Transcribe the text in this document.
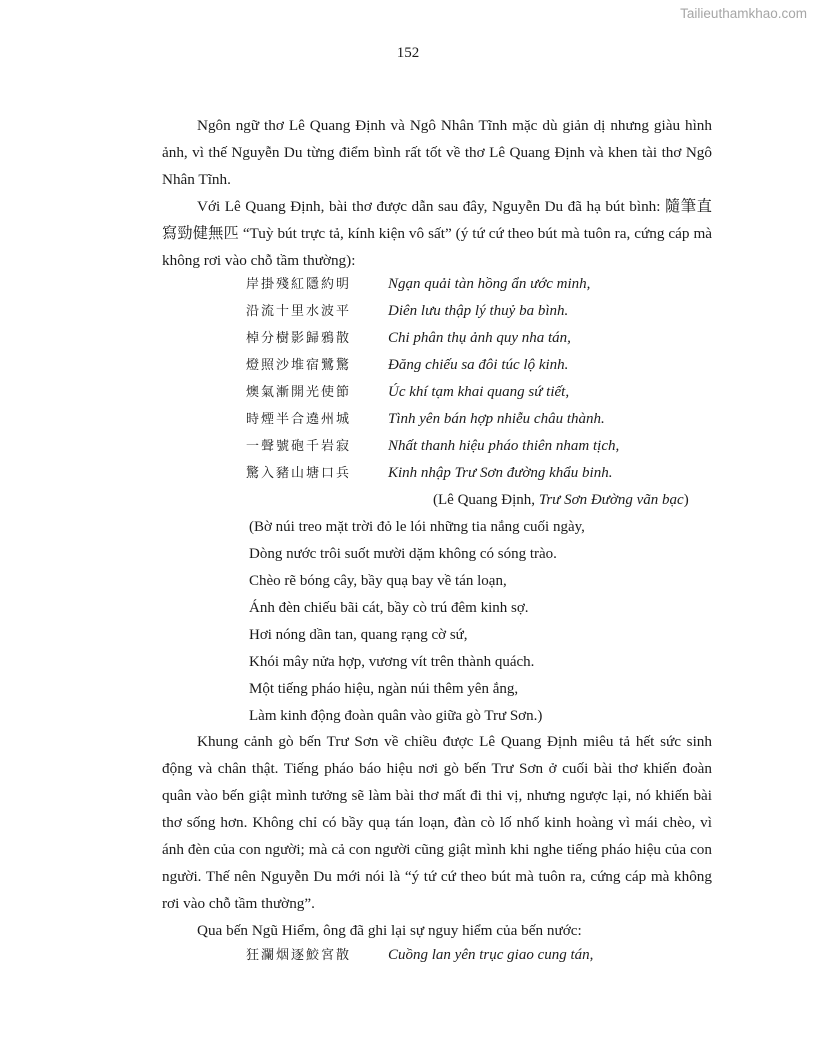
Tailieuthamkhao.com
152

Ngôn ngữ thơ Lê Quang Định và Ngô Nhân Tĩnh mặc dù giản dị nhưng giàu hình ảnh, vì thế Nguyễn Du từng điểm bình rất tốt về thơ Lê Quang Định và khen tài thơ Ngô Nhân Tĩnh.

Với Lê Quang Định, bài thơ được dẫn sau đây, Nguyễn Du đã hạ bút bình: 隨筆直寫勁健無匹 “Tuỳ bút trực tả, kính kiện vô sất” (ý tứ cứ theo bút mà tuôn ra, cứng cáp mà không rơi vào chỗ tầm thường):

岸掛殘紅隱約明	Ngạn quải tàn hồng ẩn ước minh,
沿流十里水波平	Diên lưu thập lý thuỷ ba bình.
棹分樹影歸鴉散	Chi phân thụ ảnh quy nha tán,
燈照沙堆宿鷺驚	Đăng chiếu sa đôi túc lộ kinh.
燠氣漸開光使節	Úc khí tạm khai quang sứ tiết,
時煙半合遶州城	Tình yên bán hợp nhiễu châu thành.
一聲號砲千岩寂	Nhất thanh hiệu pháo thiên nham tịch,
驚入豬山塘口兵	Kinh nhập Trư Sơn đường khẩu binh.
(Lê Quang Định, Trư Sơn Đường vãn bạc)
(Bờ núi treo mặt trời đỏ le lói những tia nắng cuối ngày,
Dòng nước trôi suốt mười dặm không có sóng trào.
Chèo rẽ bóng cây, bầy quạ bay về tán loạn,
Ánh đèn chiếu bãi cát, bầy cò trú đêm kinh sợ.
Hơi nóng dần tan, quang rạng cờ sứ,
Khói mây nửa hợp, vương vít trên thành quách.
Một tiếng pháo hiệu, ngàn núi thêm yên ắng,
Làm kinh động đoàn quân vào giữa gò Trư Sơn.)

Khung cảnh gò bến Trư Sơn về chiều được Lê Quang Định miêu tả hết sức sinh động và chân thật. Tiếng pháo báo hiệu nơi gò bến Trư Sơn ở cuối bài thơ khiến đoàn quân vào bến giật mình tưởng sẽ làm bài thơ mất đi thi vị, nhưng ngược lại, nó khiến bài thơ sống hơn. Không chỉ có bầy quạ tán loạn, đàn cò lố nhố kinh hoàng vì mái chèo, vì ánh đèn của con người; mà cả con người cũng giật mình khi nghe tiếng pháo hiệu của con người. Thế nên Nguyễn Du mới nói là “ý tứ cứ theo bút mà tuôn ra, cứng cáp mà không rơi vào chỗ tầm thường”.

Qua bến Ngũ Hiểm, ông đã ghi lại sự nguy hiểm của bến nước:

狂瀾烟逐鮫宮散	Cuồng lan yên trục giao cung tán,
